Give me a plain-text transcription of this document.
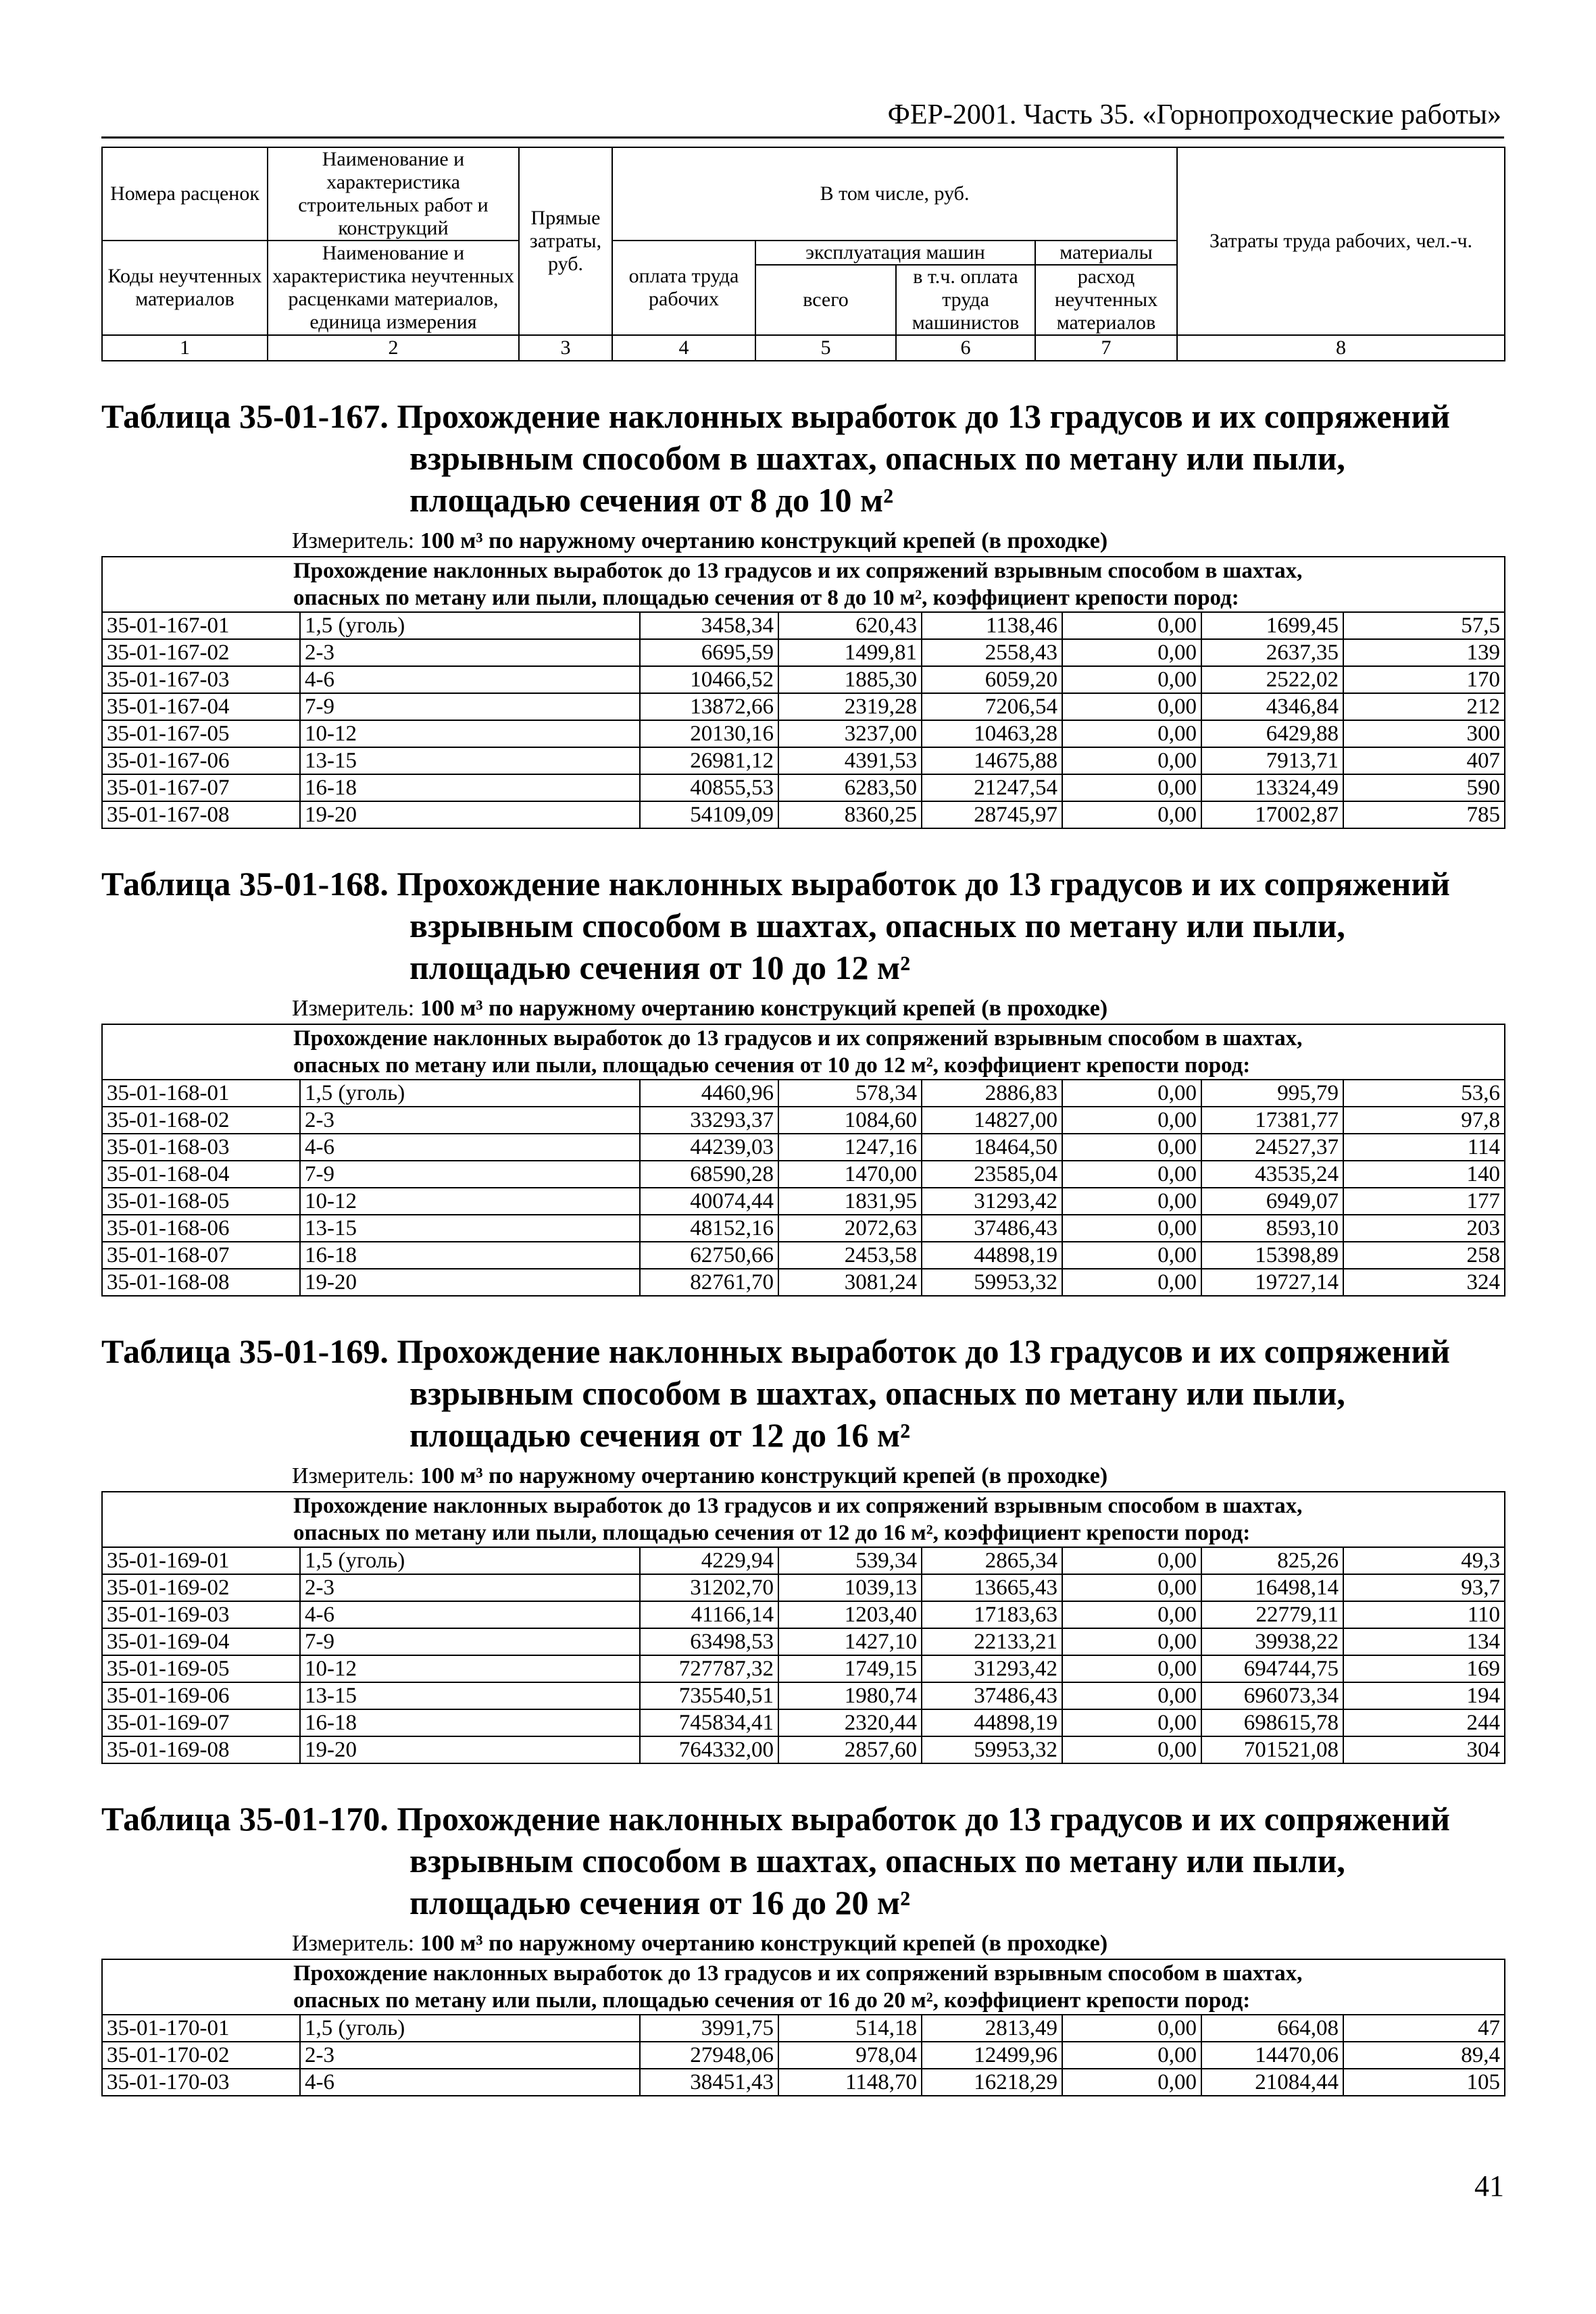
ФЕР-2001. Часть 35. «Горнопроходческие работы»
Номера расценок	Наименование и характеристика строительных работ и конструкций	Прямые затраты, руб.	В том числе, руб.				Затраты труда рабочих, чел.-ч.
Коды неучтенных материалов	Наименование и характеристика неучтенных расценками материалов, единица измерения		оплата труда рабочих	эксплуатация машин		материалы	
				всего	в т.ч. оплата труда машинистов	расход неучтенных материалов	
1	2	3	4	5	6	7	8
Таблица 35-01-167. Прохождение наклонных выработок до 13 градусов и их сопряжений
взрывным способом в шахтах, опасных по метану или пыли,
площадью сечения от 8 до 10 м²
Измеритель: 100 м³ по наружному очертанию конструкций крепей (в проходке)
Прохождение наклонных выработок до 13 градусов и их сопряжений взрывным способом в шахтах,
опасных по метану или пыли, площадью сечения от 8 до 10 м², коэффициент крепости пород:							

35-01-167-01	1,5 (уголь)	3458,34	620,43	1138,46	0,00	1699,45	57,5
35-01-167-02	2-3	6695,59	1499,81	2558,43	0,00	2637,35	139
35-01-167-03	4-6	10466,52	1885,30	6059,20	0,00	2522,02	170
35-01-167-04	7-9	13872,66	2319,28	7206,54	0,00	4346,84	212
35-01-167-05	10-12	20130,16	3237,00	10463,28	0,00	6429,88	300
35-01-167-06	13-15	26981,12	4391,53	14675,88	0,00	7913,71	407
35-01-167-07	16-18	40855,53	6283,50	21247,54	0,00	13324,49	590
35-01-167-08	19-20	54109,09	8360,25	28745,97	0,00	17002,87	785
Таблица 35-01-168. Прохождение наклонных выработок до 13 градусов и их сопряжений
взрывным способом в шахтах, опасных по метану или пыли,
площадью сечения от 10 до 12 м²
Измеритель: 100 м³ по наружному очертанию конструкций крепей (в проходке)
Прохождение наклонных выработок до 13 градусов и их сопряжений взрывным способом в шахтах,
опасных по метану или пыли, площадью сечения от 10 до 12 м², коэффициент крепости пород:							

35-01-168-01	1,5 (уголь)	4460,96	578,34	2886,83	0,00	995,79	53,6
35-01-168-02	2-3	33293,37	1084,60	14827,00	0,00	17381,77	97,8
35-01-168-03	4-6	44239,03	1247,16	18464,50	0,00	24527,37	114
35-01-168-04	7-9	68590,28	1470,00	23585,04	0,00	43535,24	140
35-01-168-05	10-12	40074,44	1831,95	31293,42	0,00	6949,07	177
35-01-168-06	13-15	48152,16	2072,63	37486,43	0,00	8593,10	203
35-01-168-07	16-18	62750,66	2453,58	44898,19	0,00	15398,89	258
35-01-168-08	19-20	82761,70	3081,24	59953,32	0,00	19727,14	324
Таблица 35-01-169. Прохождение наклонных выработок до 13 градусов и их сопряжений
взрывным способом в шахтах, опасных по метану или пыли,
площадью сечения от 12 до 16 м²
Измеритель: 100 м³ по наружному очертанию конструкций крепей (в проходке)
Прохождение наклонных выработок до 13 градусов и их сопряжений взрывным способом в шахтах,
опасных по метану или пыли, площадью сечения от 12 до 16 м², коэффициент крепости пород:							

35-01-169-01	1,5 (уголь)	4229,94	539,34	2865,34	0,00	825,26	49,3
35-01-169-02	2-3	31202,70	1039,13	13665,43	0,00	16498,14	93,7
35-01-169-03	4-6	41166,14	1203,40	17183,63	0,00	22779,11	110
35-01-169-04	7-9	63498,53	1427,10	22133,21	0,00	39938,22	134
35-01-169-05	10-12	727787,32	1749,15	31293,42	0,00	694744,75	169
35-01-169-06	13-15	735540,51	1980,74	37486,43	0,00	696073,34	194
35-01-169-07	16-18	745834,41	2320,44	44898,19	0,00	698615,78	244
35-01-169-08	19-20	764332,00	2857,60	59953,32	0,00	701521,08	304
Таблица 35-01-170. Прохождение наклонных выработок до 13 градусов и их сопряжений
взрывным способом в шахтах, опасных по метану или пыли,
площадью сечения от 16 до 20 м²
Измеритель: 100 м³ по наружному очертанию конструкций крепей (в проходке)
Прохождение наклонных выработок до 13 градусов и их сопряжений взрывным способом в шахтах,
опасных по метану или пыли, площадью сечения от 16 до 20 м², коэффициент крепости пород:							

35-01-170-01	1,5 (уголь)	3991,75	514,18	2813,49	0,00	664,08	47
35-01-170-02	2-3	27948,06	978,04	12499,96	0,00	14470,06	89,4
35-01-170-03	4-6	38451,43	1148,70	16218,29	0,00	21084,44	105
41
